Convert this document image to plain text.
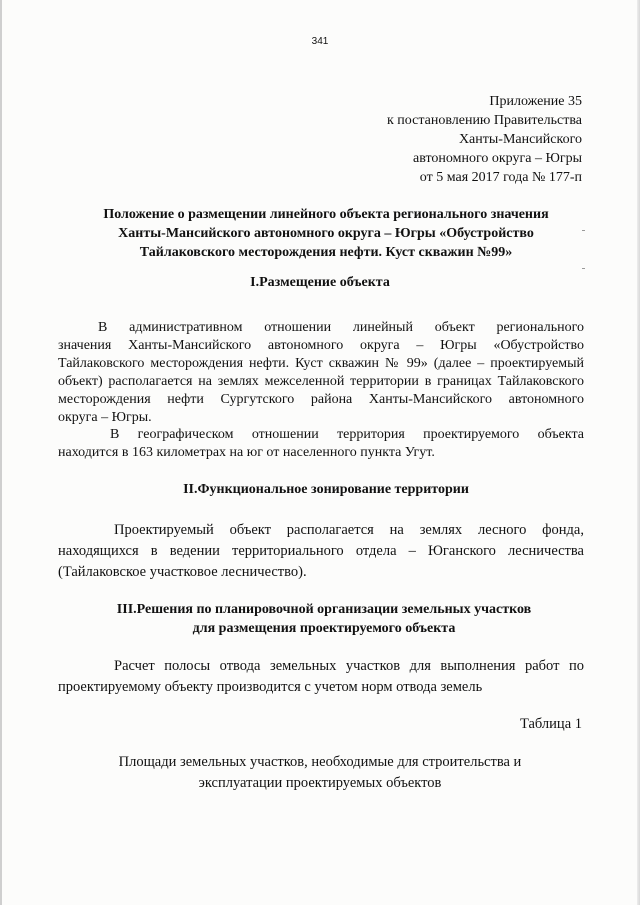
341
Приложение 35
к постановлению Правительства
Ханты-Мансийского
автономного округа – Югры
от 5 мая 2017 года № 177-п
Положение о размещении линейного объекта регионального значения
Ханты-Мансийского автономного округа – Югры «Обустройство
Тайлаковского месторождения нефти. Куст скважин №99»
I.Размещение объекта
В административном отношении линейный объект регионального
значения Ханты-Мансийского автономного округа – Югры «Обустройство
Тайлаковского месторождения нефти. Куст скважин № 99» (далее – проектируемый
объект) располагается на землях межселенной территории в границах Тайлаковского
месторождения нефти Сургутского района Ханты-Мансийского автономного
округа – Югры.
В географическом отношении территория проектируемого объекта
находится в 163 километрах на юг от населенного пункта Угут.
II.Функциональное зонирование территории
Проектируемый объект располагается на землях лесного фонда,
находящихся в ведении территориального отдела – Юганского лесничества
(Тайлаковское участковое лесничество).
III.Решения по планировочной организации земельных участков
для размещения проектируемого объекта
Расчет полосы отвода земельных участков для выполнения работ по
проектируемому объекту производится с учетом норм отвода земель
Таблица 1
Площади земельных участков, необходимые для строительства и
эксплуатации проектируемых объектов
